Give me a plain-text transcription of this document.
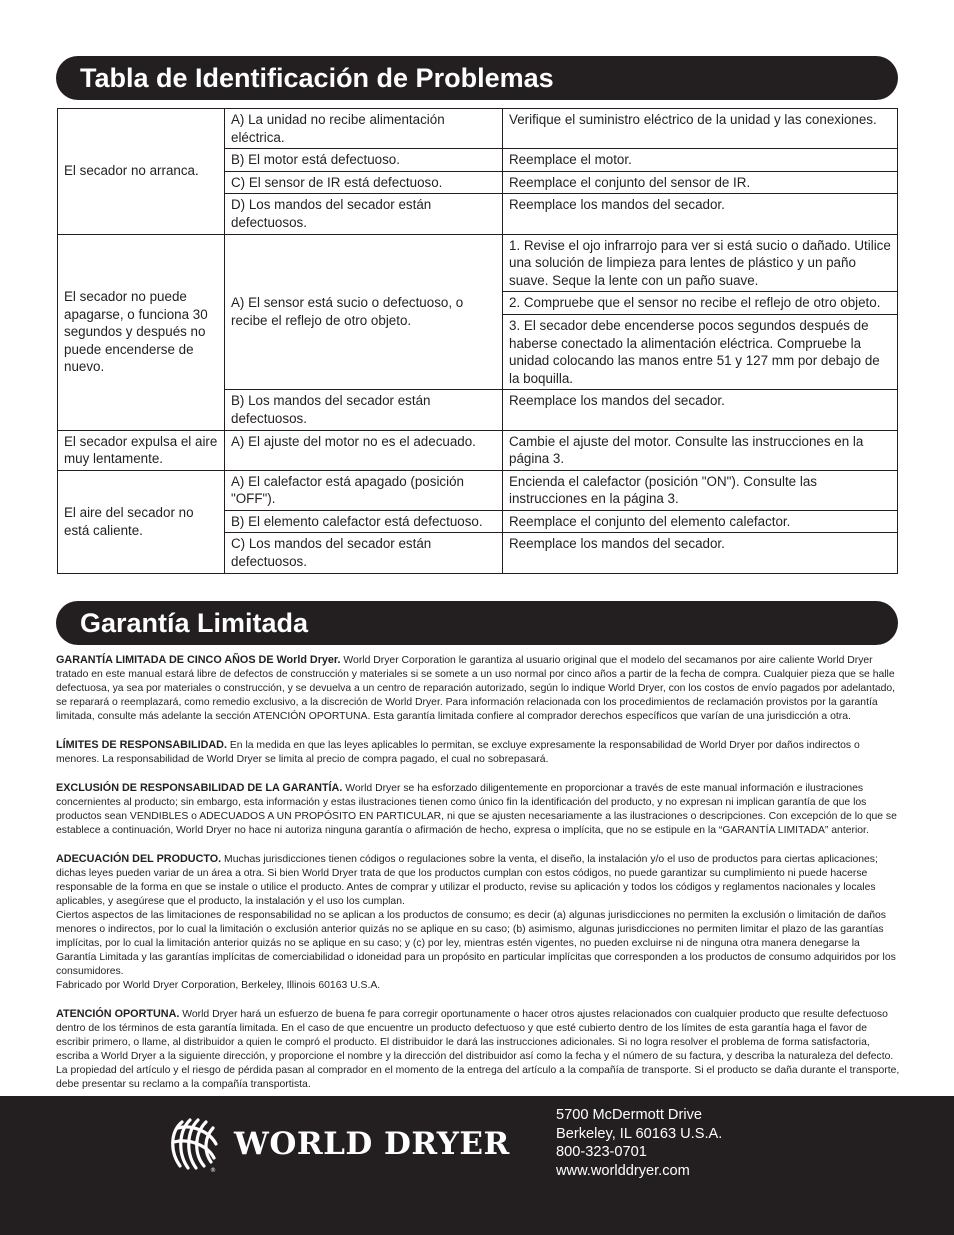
Tabla de Identificación de Problemas
El secador no arranca.	A) La unidad no recibe alimentación eléctrica.	Verifique el suministro eléctrico de la unidad y las conexiones.
	B) El motor está defectuoso.	Reemplace el motor.
	C) El sensor de IR está defectuoso.	Reemplace el conjunto del sensor de IR.
	D) Los mandos del secador están defectuosos.	Reemplace los mandos del secador.
El secador no puede apagarse, o funciona 30 segundos y después no puede encenderse de nuevo.	A) El sensor está sucio o defectuoso, o recibe el reflejo de otro objeto.	1. Revise el ojo infrarrojo para ver si está sucio o dañado. Utilice una solución de limpieza para lentes de plástico y un paño suave. Seque la lente con un paño suave.
		2. Compruebe que el sensor no recibe el reflejo de otro objeto.
		3. El secador debe encenderse pocos segundos después de haberse conectado la alimentación eléctrica. Compruebe la unidad colocando las manos entre 51 y 127 mm por debajo de la boquilla.
	B) Los mandos del secador están defectuosos.	Reemplace los mandos del secador.
El secador expulsa el aire muy lentamente.	A) El ajuste del motor no es el adecuado.	Cambie el ajuste del motor. Consulte las instrucciones en la página 3.
El aire del secador no está caliente.	A) El calefactor está apagado (posición "OFF").	Encienda el calefactor (posición "ON"). Consulte las instrucciones en la página 3.
	B) El elemento calefactor está defectuoso.	Reemplace el conjunto del elemento calefactor.
	C) Los mandos del secador están defectuosos.	Reemplace los mandos del secador.
Garantía Limitada

GARANTÍA LIMITADA DE CINCO AÑOS DE World Dryer. World Dryer Corporation le garantiza al usuario original que el modelo del secamanos por aire caliente World Dryer tratado en este manual estará libre de defectos de construcción y materiales si se somete a un uso normal por cinco años a partir de la fecha de compra. Cualquier pieza que se halle defectuosa, ya sea por materiales o construcción, y se devuelva a un centro de reparación autorizado, según lo indique World Dryer, con los costos de envío pagados por adelantado, se reparará o reemplazará, como remedio exclusivo, a la discreción de World Dryer. Para información relacionada con los procedimientos de reclamación provistos por la garantía limitada, consulte más adelante la sección ATENCIÓN OPORTUNA. Esta garantía limitada confiere al comprador derechos específicos que varían de una jurisdicción a otra.

LÍMITES DE RESPONSABILIDAD. En la medida en que las leyes aplicables lo permitan, se excluye expresamente la responsabilidad de World Dryer por daños indirectos o menores. La responsabilidad de World Dryer se limita al precio de compra pagado, el cual no sobrepasará.

EXCLUSIÓN DE RESPONSABILIDAD DE LA GARANTÍA. World Dryer se ha esforzado diligentemente en proporcionar a través de este manual información e ilustraciones concernientes al producto; sin embargo, esta información y estas ilustraciones tienen como único fin la identificación del producto, y no expresan ni implican garantía de que los productos sean VENDIBLES o ADECUADOS A UN PROPÓSITO EN PARTICULAR, ni que se ajusten necesariamente a las ilustraciones o descripciones. Con excepción de lo que se establece a continuación, World Dryer no hace ni autoriza ninguna garantía o afirmación de hecho, expresa o implícita, que no se estipule en la “GARANTÍA LIMITADA” anterior.

ADECUACIÓN DEL PRODUCTO. Muchas jurisdicciones tienen códigos o regulaciones sobre la venta, el diseño, la instalación y/o el uso de productos para ciertas aplicaciones; dichas leyes pueden variar de un área a otra. Si bien World Dryer trata de que los productos cumplan con estos códigos, no puede garantizar su cumplimiento ni puede hacerse responsable de la forma en que se instale o utilice el producto. Antes de comprar y utilizar el producto, revise su aplicación y todos los códigos y reglamentos nacionales y locales aplicables, y asegúrese que el producto, la instalación y el uso los cumplan.
Ciertos aspectos de las limitaciones de responsabilidad no se aplican a los productos de consumo; es decir (a) algunas jurisdicciones no permiten la exclusión o limitación de daños menores o indirectos, por lo cual la limitación o exclusión anterior quizás no se aplique en su caso; (b) asimismo, algunas jurisdicciones no permiten limitar el plazo de las garantías implícitas, por lo cual la limitación anterior quizás no se aplique en su caso; y (c) por ley, mientras estén vigentes, no pueden excluirse ni de ninguna otra manera denegarse la Garantía Limitada y las garantías implícitas de comerciabilidad o idoneidad para un propósito en particular implícitas que corresponden a los productos de consumo adquiridos por los consumidores.
Fabricado por World Dryer Corporation, Berkeley, Illinois 60163 U.S.A.

ATENCIÓN OPORTUNA. World Dryer hará un esfuerzo de buena fe para corregir oportunamente o hacer otros ajustes relacionados con cualquier producto que resulte defectuoso dentro de los términos de esta garantía limitada. En el caso de que encuentre un producto defectuoso y que esté cubierto dentro de los límites de esta garantía haga el favor de escribir primero, o llame, al distribuidor a quien le compró el producto. El distribuidor le dará las instrucciones adicionales. Si no logra resolver el problema de forma satisfactoria, escriba a World Dryer a la siguiente dirección, y proporcione el nombre y la dirección del distribuidor así como la fecha y el número de su factura, y describa la naturaleza del defecto. La propiedad del artículo y el riesgo de pérdida pasan al comprador en el momento de la entrega del artículo a la compañía de transporte. Si el producto se daña durante el transporte, debe presentar su reclamo a la compañía transportista.

®
WORLD DRYER
5700 McDermott Drive
Berkeley, IL 60163 U.S.A.
800-323-0701
www.worlddryer.com
